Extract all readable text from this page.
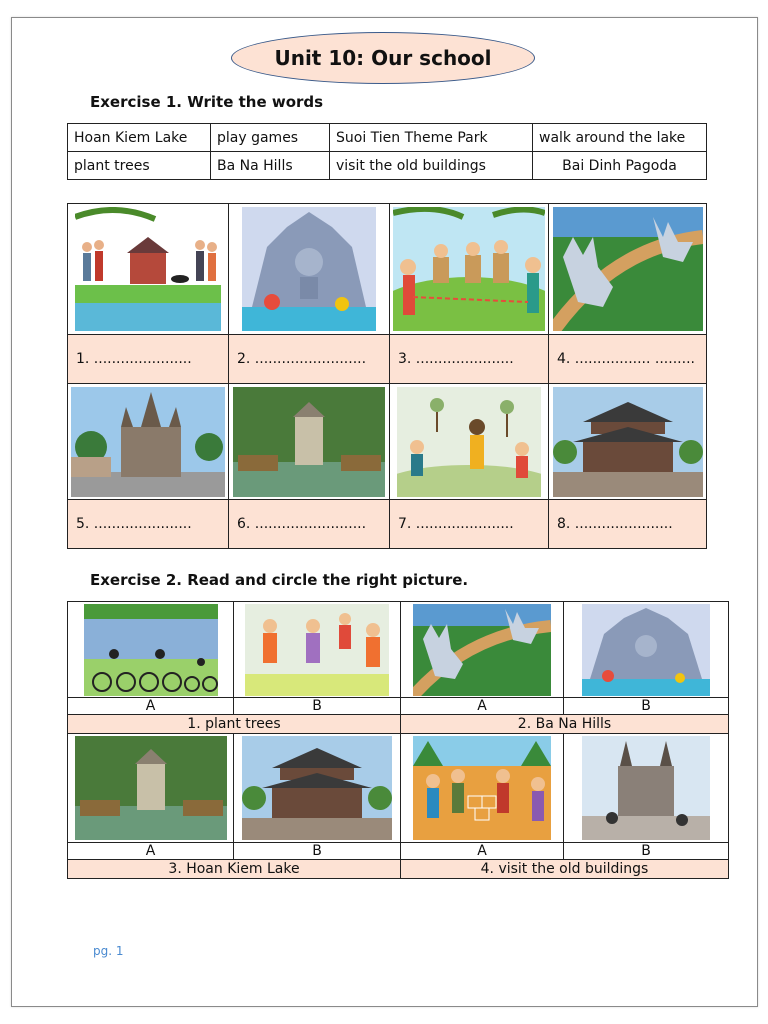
Unit 10: Our school
Exercise 1. Write the words
Hoan Kiem Lake	play games	Suoi Tien Theme Park	walk around the lake
plant trees	Ba Na Hills	visit the old buildings	Bai Dinh Pagoda

1. ......................	2. .........................	3. ......................	4. ................. .........

5. ......................	6. .........................	7. ......................	8. ......................
Exercise 2. Read and circle the right picture.

A	B	A	B
1. plant trees		2. Ba Na Hills	

A	B	A	B
3. Hoan Kiem Lake		4. visit the old buildings	
pg. 1
